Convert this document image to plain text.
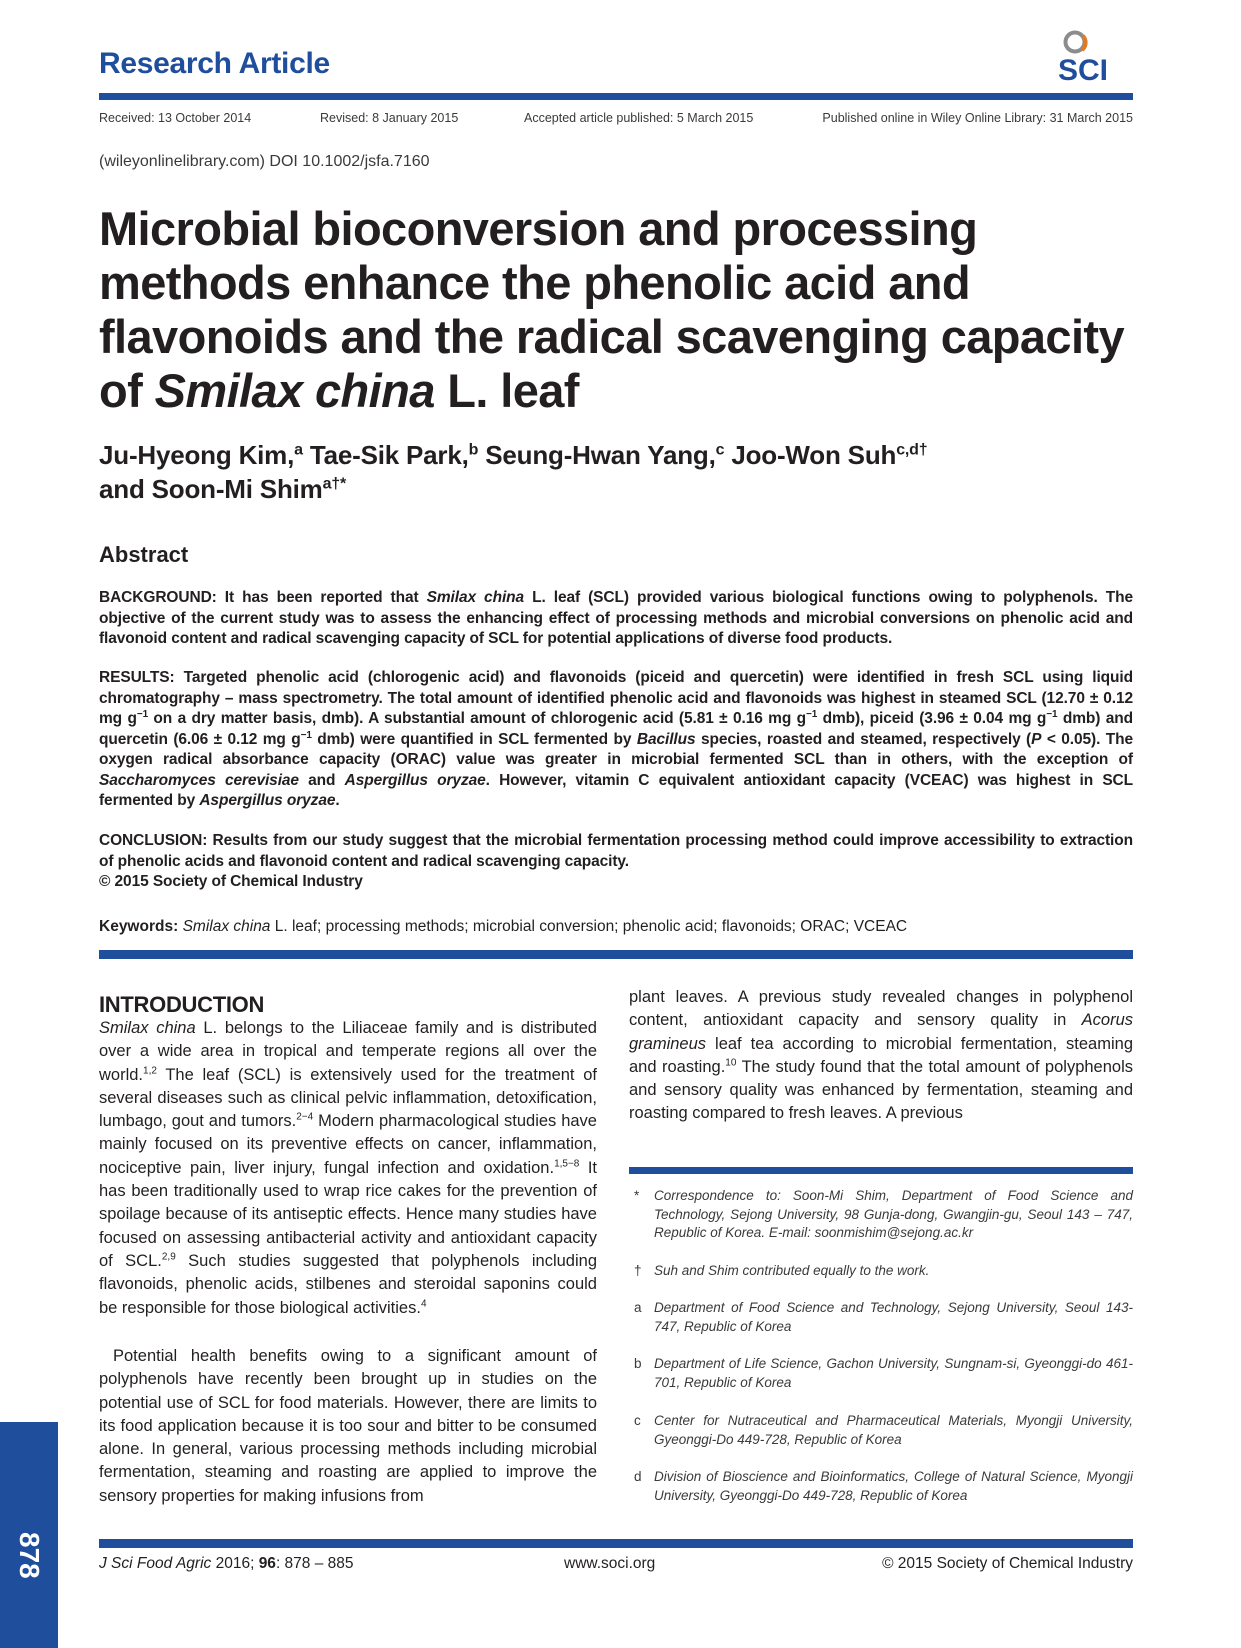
Research Article	SCI
Received: 13 October 2014	Revised: 8 January 2015	Accepted article published: 5 March 2015	Published online in Wiley Online Library: 31 March 2015
(wileyonlinelibrary.com) DOI 10.1002/jsfa.7160
Microbial bioconversion and processing methods enhance the phenolic acid and flavonoids and the radical scavenging capacity of Smilax china L. leaf

Ju-Hyeong Kim,$^a$ Tae-Sik Park,$^b$ Seung-Hwan Yang,$^c$ Joo-Won Suh$^{c,d\dagger}$
and Soon-Mi Shim$^{a\dagger*}$

Abstract

BACKGROUND: It has been reported that Smilax china L. leaf (SCL) provided various biological functions owing to polyphenols. The objective of the current study was to assess the enhancing effect of processing methods and microbial conversions on phenolic acid and flavonoid content and radical scavenging capacity of SCL for potential applications of diverse food products.

RESULTS: Targeted phenolic acid (chlorogenic acid) and flavonoids (piceid and quercetin) were identified in fresh SCL using liquid chromatography – mass spectrometry. The total amount of identified phenolic acid and flavonoids was highest in steamed SCL (12.70 ± 0.12 mg $g^{-1}$ on a dry matter basis, dmb). A substantial amount of chlorogenic acid (5.81 ± 0.16 mg $g^{-1}$ dmb), piceid (3.96 ± 0.04 mg $g^{-1}$ dmb) and quercetin (6.06 ± 0.12 mg $g^{-1}$ dmb) were quantified in SCL fermented by Bacillus species, roasted and steamed, respectively (P < 0.05). The oxygen radical absorbance capacity (ORAC) value was greater in microbial fermented SCL than in others, with the exception of Saccharomyces cerevisiae and Aspergillus oryzae. However, vitamin C equivalent antioxidant capacity (VCEAC) was highest in SCL fermented by Aspergillus oryzae.

CONCLUSION: Results from our study suggest that the microbial fermentation processing method could improve accessibility to extraction of phenolic acids and flavonoid content and radical scavenging capacity.
© 2015 Society of Chemical Industry

Keywords: Smilax china L. leaf; processing methods; microbial conversion; phenolic acid; flavonoids; ORAC; VCEAC
INTRODUCTION

Smilax china L. belongs to the Liliaceae family and is distributed over a wide area in tropical and temperate regions all over the world.$^{1,2}$ The leaf (SCL) is extensively used for the treatment of several diseases such as clinical pelvic inflammation, detoxification, lumbago, gout and tumors.$^{2-4}$ Modern pharmacological studies have mainly focused on its preventive effects on cancer, inflammation, nociceptive pain, liver injury, fungal infection and oxidation.$^{1,5-8}$ It has been traditionally used to wrap rice cakes for the prevention of spoilage because of its antiseptic effects. Hence many studies have focused on assessing antibacterial activity and antioxidant capacity of SCL.$^{2,9}$ Such studies suggested that polyphenols including flavonoids, phenolic acids, stilbenes and steroidal saponins could be responsible for those biological activities.$^4$

Potential health benefits owing to a significant amount of polyphenols have recently been brought up in studies on the potential use of SCL for food materials. However, there are limits to its food application because it is too sour and bitter to be consumed alone. In general, various processing methods including microbial fermentation, steaming and roasting are applied to improve the sensory properties for making infusions from

plant leaves. A previous study revealed changes in polyphenol content, antioxidant capacity and sensory quality in Acorus gramineus leaf tea according to microbial fermentation, steaming and roasting.$^{10}$ The study found that the total amount of polyphenols and sensory quality was enhanced by fermentation, steaming and roasting compared to fresh leaves. A previous

* Correspondence to: Soon-Mi Shim, Department of Food Science and Technology, Sejong University, 98 Gunja-dong, Gwangjin-gu, Seoul 143 – 747, Republic of Korea. E-mail: soonmishim@sejong.ac.kr
† Suh and Shim contributed equally to the work.
a Department of Food Science and Technology, Sejong University, Seoul 143-747, Republic of Korea
b Department of Life Science, Gachon University, Sungnam-si, Gyeonggi-do 461-701, Republic of Korea
c Center for Nutraceutical and Pharmaceutical Materials, Myongji University, Gyeonggi-Do 449-728, Republic of Korea
d Division of Bioscience and Bioinformatics, College of Natural Science, Myongji University, Gyeonggi-Do 449-728, Republic of Korea
878	J Sci Food Agric 2016; 96: 878 – 885	www.soci.org	© 2015 Society of Chemical Industry
